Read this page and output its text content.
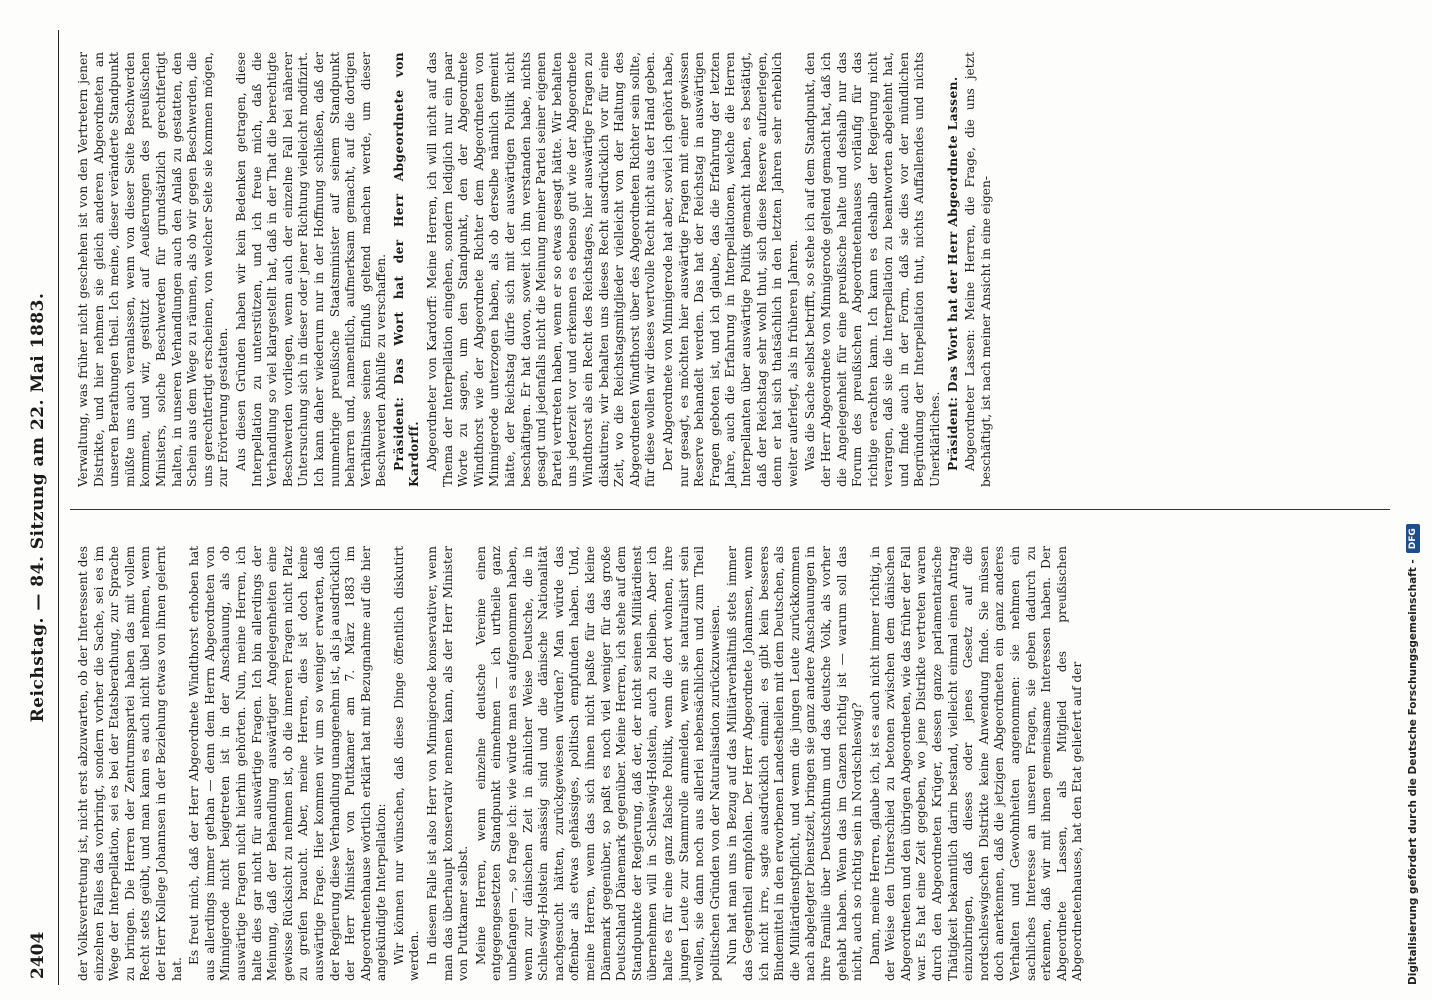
2404
Reichstag. — 84. Sitzung am 22. Mai 1883.

der Volksvertretung ist, nicht erst abzuwarten, ob der Interessent des einzelnen Falles das vorbringt, sondern vorher die Sache, sei es im Wege der Interpellation, sei es bei der Etatsberathung, zur Sprache zu bringen. Die Herren der Zentrumspartei haben das mit vollem Recht stets geübt, und man kann es auch nicht übel nehmen, wenn der Herr Kollege Johannsen in der Beziehung etwas von ihnen gelernt hat.

Es freut mich, daß der Herr Abgeordnete Windthorst erhoben hat aus allerdings immer gethan — denn dem Herrn Abgeordneten von Minnigerode nicht beigetreten ist in der Anschauung, als ob auswärtige Fragen nicht hierhin gehörten. Nun, meine Herren, ich halte dies gar nicht für auswärtige Fragen. Ich bin allerdings der Meinung, daß der Behandlung auswärtiger Angelegenheiten eine gewisse Rücksicht zu nehmen ist, ob die inneren Fragen nicht Platz zu greifen braucht. Aber, meine Herren, dies ist doch keine auswärtige Frage. Hier kommen wir um so weniger erwarten, daß der Regierung diese Verhandlung unangenehm ist, als ja ausdrücklich der Herr Minister von Puttkamer am 7. März 1883 im Abgeordnetenhause wörtlich erklärt hat mit Bezugnahme auf die hier angekündigte Interpellation: Wir können nur wünschen, daß diese Dinge öffentlich diskutirt werden. In diesem Falle ist also Herr von Minnigerode konservativer, wenn man das überhaupt konservativ nennen kann, als der Herr Minister von Puttkamer selbst. Meine Herren, wenn einzelne deutsche Vereine einen entgegengesetzten Standpunkt einnehmen — ich urtheile ganz unbefangen —, so frage ich: wie würde man es aufgenommen haben, wenn zur dänischen Zeit in ähnlicher Weise Deutsche, die in Schleswig-Holstein ansässig sind und die dänische Nationalität nachgesucht hätten, zurückgewiesen würden? Man würde das offenbar als etwas gehässiges, politisch empfunden haben. Und, meine Herren, wenn das sich ihnen nicht paßte für das kleine Dänemark gegenüber, so paßt es noch viel weniger für das große Deutschland Dänemark gegenüber. Meine Herren, ich stehe auf dem Standpunkte der Regierung, daß der, der nicht seinen Militärdienst übernehmen will in Schleswig-Holstein, auch zu bleiben. Aber ich halte es für eine ganz falsche Politik, wenn die dort wohnen, ihre jungen Leute zur Stammrolle anmelden, wenn sie naturalisirt sein wollen, sie dann noch aus allerlei nebensächlichen und zum Theil politischen Gründen von der Naturalisation zurückzuweisen. Nun hat man uns in Bezug auf das Militärverhältniß stets immer das Gegentheil empfohlen. Der Herr Abgeordnete Johannsen, wenn ich nicht irre, sagte ausdrücklich einmal: es gibt kein besseres Bindemittel in den erworbenen Landestheilen mit dem Deutschen, als die Militärdienstpflicht, und wenn die jungen Leute zurückkommen nach abgelegter Dienstzeit, bringen sie ganz andere Anschauungen in ihre Familie über Deutschthum und das deutsche Volk, als vorher gehabt haben. Wenn das im Ganzen richtig ist — warum soll das nicht, auch so richtig sein in Nordschleswig? Dann, meine Herren, glaube ich, ist es auch nicht immer richtig, in der Weise den Unterschied zu betonen zwischen dem dänischen Abgeordneten und den übrigen Abgeordneten, wie das früher der Fall war. Es hat eine Zeit gegeben, wo jene Distrikte vertreten waren durch den Abgeordneten Krüger, dessen ganze parlamentarische Thätigkeit bekanntlich darin bestand, vielleicht einmal einen Antrag einzubringen, daß dieses oder jenes Gesetz auf die nordschleswigschen Distrikte keine Anwendung finde. Sie müssen doch anerkennen, daß die jetzigen Abgeordneten ein ganz anderes Verhalten und Gewohnheiten angenommen: sie nehmen ein sachliches Interesse an unseren Fragen, sie geben dadurch zu erkennen, daß wir mit ihnen gemeinsame Interessen haben. Der Abgeordnete Lassen, als Mitglied des preußischen Abgeordnetenhauses, hat den Etat geliefert auf der

Verwaltung, was früher nicht geschehen ist von den Vertretern jener Distrikte, und hier nehmen sie gleich anderen Abgeordneten an unseren Berathungen theil. Ich meine, dieser veränderte Standpunkt müßte uns auch veranlassen, wenn von dieser Seite Beschwerden kommen, und wir, gestützt auf Aeußerungen des preußischen Ministers, solche Beschwerden für grundsätzlich gerechtfertigt halten, in unseren Verhandlungen auch den Anlaß zu gestatten, den Schein aus dem Wege zu räumen, als ob wir gegen Beschwerden, die uns gerechtfertigt erscheinen, von welcher Seite sie kommen mögen, zur Erörterung gestatten. Aus diesen Gründen haben wir kein Bedenken getragen, diese Interpellation zu unterstützen, und ich freue mich, daß die Verhandlung so viel klargestellt hat, daß in der That die berechtigte Beschwerden vorliegen, wenn auch der einzelne Fall bei näherer Untersuchung sich in dieser oder jener Richtung vielleicht modifizirt. Ich kann daher wiederum nur in der Hoffnung schließen, daß der nunmehrige preußische Staatsminister auf seinem Standpunkt beharren und, namentlich, aufmerksam gemacht, auf die dortigen Verhältnisse seinen Einfluß geltend machen werde, um dieser Beschwerden Abhülfe zu verschaffen. Präsident: Das Wort hat der Herr Abgeordnete von Kardorff. Abgeordneter von Kardorff: Meine Herren, ich will nicht auf das Thema der Interpellation eingehen, sondern lediglich nur ein paar Worte zu sagen, um den Standpunkt, den der Abgeordnete Windthorst wie der Abgeordnete Richter dem Abgeordneten von Minnigerode unterzogen haben, als ob derselbe nämlich gemeint hätte, der Reichstag dürfe sich mit der auswärtigen Politik nicht beschäftigen. Er hat davon, soweit ich ihn verstanden habe, nichts gesagt und jedenfalls nicht die Meinung meiner Partei seiner eigenen Partei vertreten haben, wenn er so etwas gesagt hätte. Wir behalten uns jederzeit vor und erkennen es ebenso gut wie der Abgeordnete Windthorst als ein Recht des Reichstages, hier auswärtige Fragen zu diskutiren; wir behalten uns dieses Recht ausdrücklich vor für eine Zeit, wo die Reichstagsmitglieder vielleicht von der Haltung des Abgeordneten Windthorst über des Abgeordneten Richter sein sollte, für diese wollen wir dieses wertvolle Recht nicht aus der Hand geben. Der Abgeordnete von Minnigerode hat aber, soviel ich gehört habe, nur gesagt, es möchten hier auswärtige Fragen mit einer gewissen Reserve behandelt werden. Das hat der Reichstag in auswärtigen Fragen geboten ist, und ich glaube, das die Erfahrung der letzten Jahre, auch die Erfahrung in Interpellationen, welche die Herren Interpellanten über auswärtige Politik gemacht haben, es bestätigt, daß der Reichstag sehr wohl thut, sich diese Reserve aufzuerlegen, denn er hat sich thatsächlich in den letzten Jahren sehr erheblich weiter auferlegt, als in früheren Jahren. Was die Sache selbst betrifft, so stehe ich auf dem Standpunkt, den der Herr Abgeordnete von Minnigerode geltend gemacht hat, daß ich die Angelegenheit für eine preußische halte und deshalb nur das Forum des preußischen Abgeordnetenhauses vorläufig für das richtige erachten kann. Ich kann es deshalb der Regierung nicht verargen, daß sie die Interpellation zu beantworten abgelehnt hat, und finde auch in der Form, daß sie dies vor der mündlichen Begründung der Interpellation thut, nichts Auffallendes und nichts Unerklärliches. Präsident: Das Wort hat der Herr Abgeordnete Lassen. Abgeordneter Lassen: Meine Herren, die Frage, die uns jetzt beschäftigt, ist nach meiner Ansicht in eine eigen-

Digitalisierung gefördert durch die Deutsche Forschungsgemeinschaft -
DFG
